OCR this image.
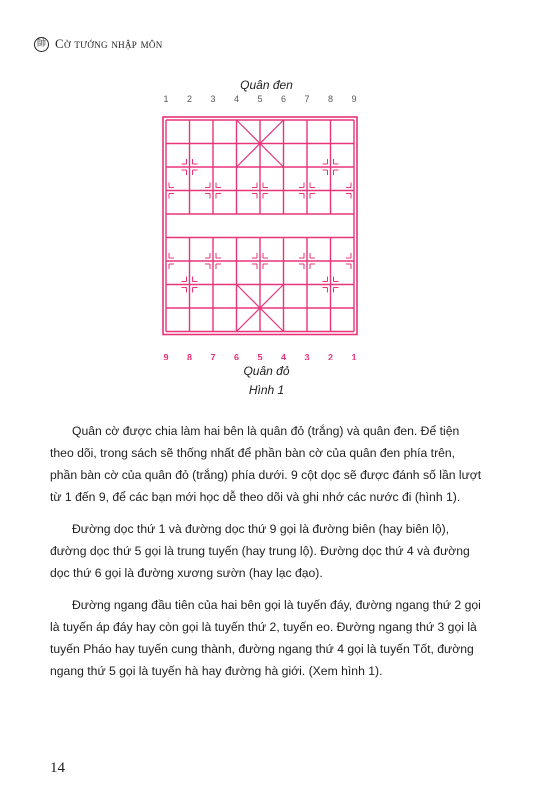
帥 Cờ tướng nhập môn
Quân đen
1 2 3 4 5 6 7 8 9
9 8 7 6 5 4 3 2 1
Quân đỏ
Hình 1

Quân cờ được chia làm hai bên là quân đỏ (trắng) và quân đen. Để tiện theo dõi, trong sách sẽ thống nhất để phần bàn cờ của quân đen phía trên, phần bàn cờ của quân đỏ (trắng) phía dưới. 9 cột dọc sẽ được đánh số lần lượt từ 1 đến 9, để các bạn mới học dễ theo dõi và ghi nhớ các nước đi (hình 1).

Đường dọc thứ 1 và đường dọc thứ 9 gọi là đường biên (hay biên lộ), đường dọc thứ 5 gọi là trung tuyến (hay trung lộ). Đường dọc thứ 4 và đường dọc thứ 6 gọi là đường xương sườn (hay lạc đạo).

Đường ngang đầu tiên của hai bên gọi là tuyến đáy, đường ngang thứ 2 gọi là tuyến áp đáy hay còn gọi là tuyến thứ 2, tuyến eo. Đường ngang thứ 3 gọi là tuyến Pháo hay tuyến cung thành, đường ngang thứ 4 gọi là tuyến Tốt, đường ngang thứ 5 gọi là tuyến hà hay đường hà giới. (Xem hình 1).

14
